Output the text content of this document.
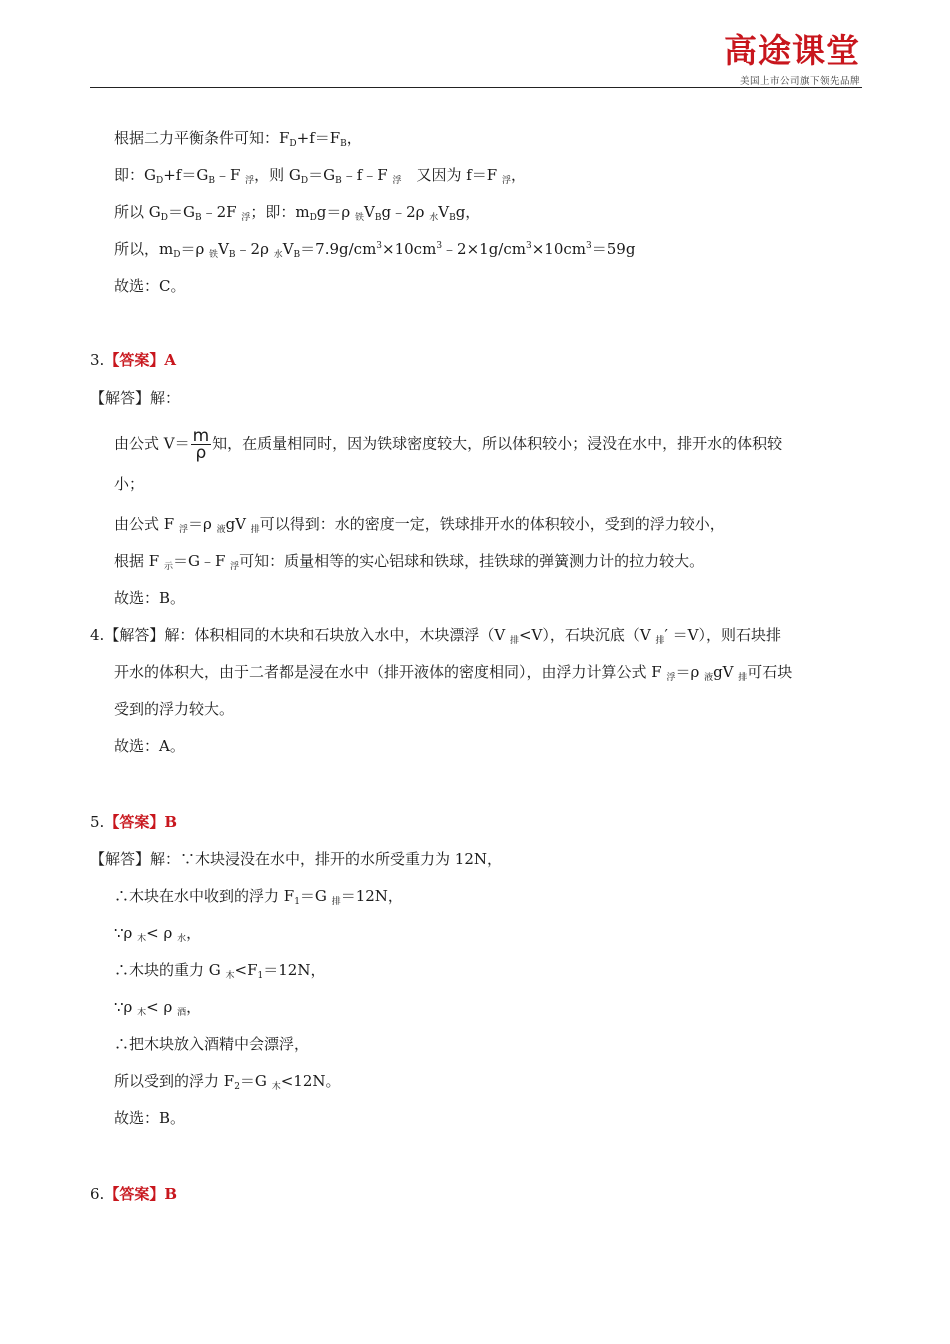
高途课堂
美国上市公司旗下领先品牌
根据二力平衡条件可知：$F_D+f=F_B$，
即：$G_D+f=G_B﹣F$ $_浮$，则 $G_D=G_B﹣f﹣F$ $_浮$　又因为 f＝F $_浮$，
所以 $G_D=G_B﹣2F$ $_浮$；即：$m_Dg=\rho$ $_铁V_Bg﹣2\rho$ $_水V_Bg$，
所以，$m_D=\rho$ $_铁V_B﹣2\rho$ $_水V_B=7.9g/cm^3\times 10cm^3﹣2\times 1g/cm^3\times 10cm^3=59g$
故选：C。
3.【答案】A
【解答】解：
由公式 $V= \frac{m}{\rho}$ 知，在质量相同时，因为铁球密度较大，所以体积较小；浸没在水中，排开水的体积较
小；
由公式 F $_浮$＝ρ $_液$gV $_排$可以得到：水的密度一定，铁球排开水的体积较小，受到的浮力较小，
根据 F $_示$＝G﹣F $_浮$可知：质量相等的实心铝球和铁球，挂铁球的弹簧测力计的拉力较大。
故选：B。
4.【解答】解：体积相同的木块和石块放入水中，木块漂浮（V $_排$<V），石块沉底（V $_排$′ ＝V），则石块排
开水的体积大，由于二者都是浸在水中（排开液体的密度相同），由浮力计算公式 F $_浮$＝ρ $_液$gV $_排$可石块
受到的浮力较大。
故选：A。
5.【答案】B
【解答】解：∵木块浸没在水中，排开的水所受重力为 12N，
∴木块在水中收到的浮力 $F_1=G$ $_排$＝12N，
∵ρ $_木$< ρ $_水$，
∴木块的重力 G $_木<F_1=12N$，
∵ρ $_木$< ρ $_酒$，
∴把木块放入酒精中会漂浮，
所以受到的浮力 $F_2=G$ $_木$<12N。
故选：B。
6.【答案】B
